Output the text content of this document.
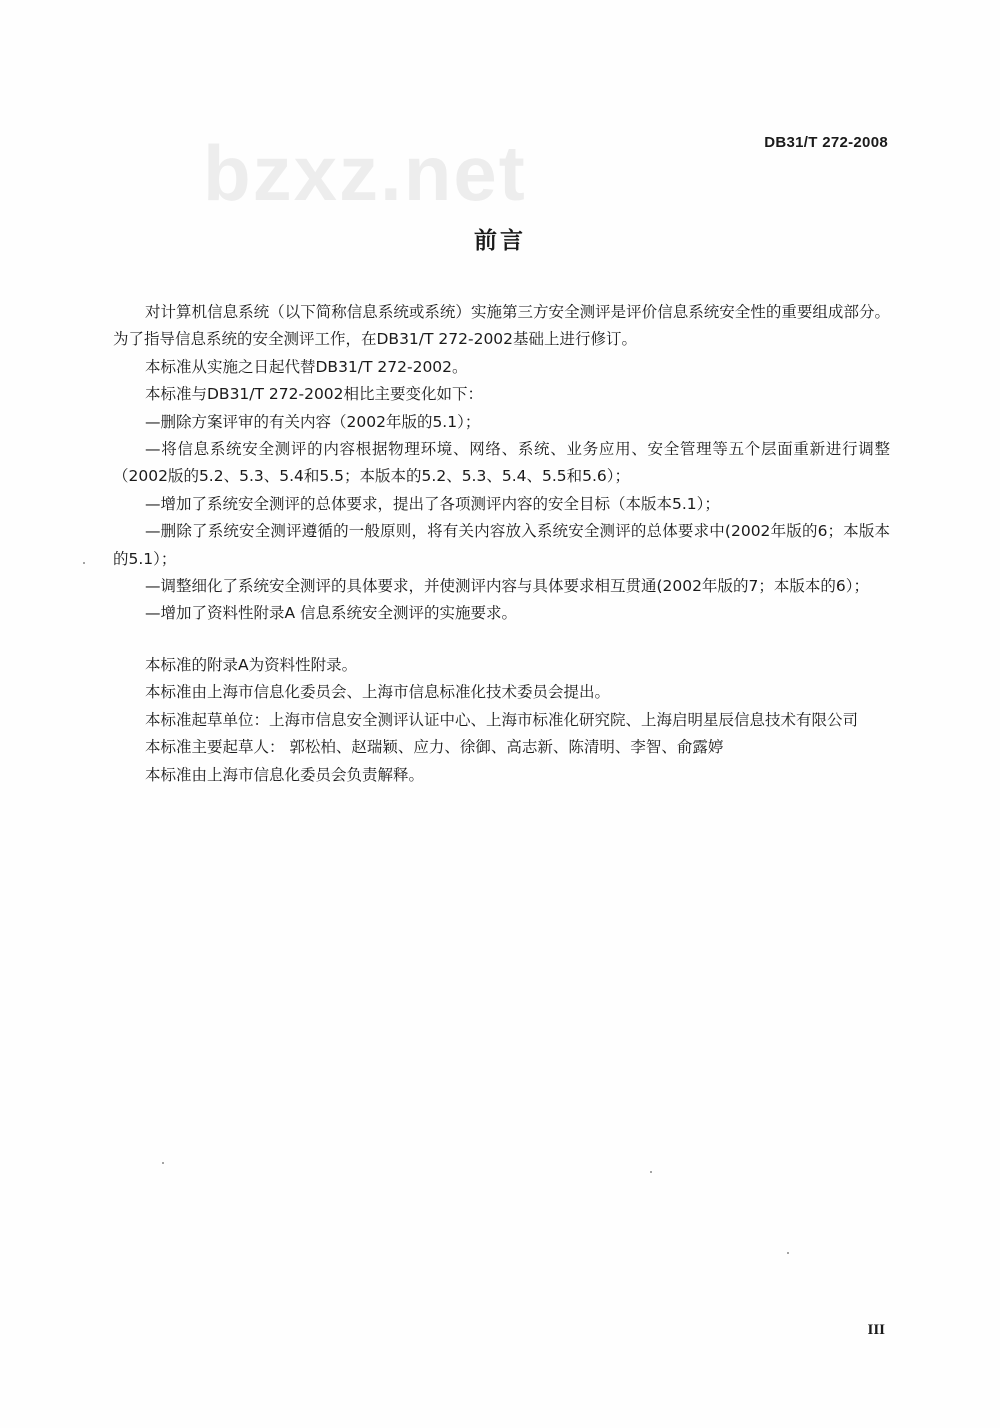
bzxz.net	DB31/T 272-2008
前言

对计算机信息系统（以下简称信息系统或系统）实施第三方安全测评是评价信息系统安全性的重要组成部分。为了指导信息系统的安全测评工作，在DB31/T 272-2002基础上进行修订。

本标准从实施之日起代替DB31/T 272-2002。

本标准与DB31/T 272-2002相比主要变化如下：

—删除方案评审的有关内容（2002年版的5.1）；

—将信息系统安全测评的内容根据物理环境、网络、系统、业务应用、安全管理等五个层面重新进行调整（2002版的5.2、5.3、5.4和5.5；本版本的5.2、5.3、5.4、5.5和5.6）；

—增加了系统安全测评的总体要求，提出了各项测评内容的安全目标（本版本5.1）；

—删除了系统安全测评遵循的一般原则，将有关内容放入系统安全测评的总体要求中(2002年版的6；本版本的5.1）；

—调整细化了系统安全测评的具体要求，并使测评内容与具体要求相互贯通(2002年版的7；本版本的6）；

—增加了资料性附录A 信息系统安全测评的实施要求。

本标准的附录A为资料性附录。

本标准由上海市信息化委员会、上海市信息标准化技术委员会提出。

本标准起草单位：上海市信息安全测评认证中心、上海市标准化研究院、上海启明星辰信息技术有限公司

本标准主要起草人： 郭松柏、赵瑞颖、应力、徐御、高志新、陈清明、李智、俞露婷

本标准由上海市信息化委员会负责解释。

III
